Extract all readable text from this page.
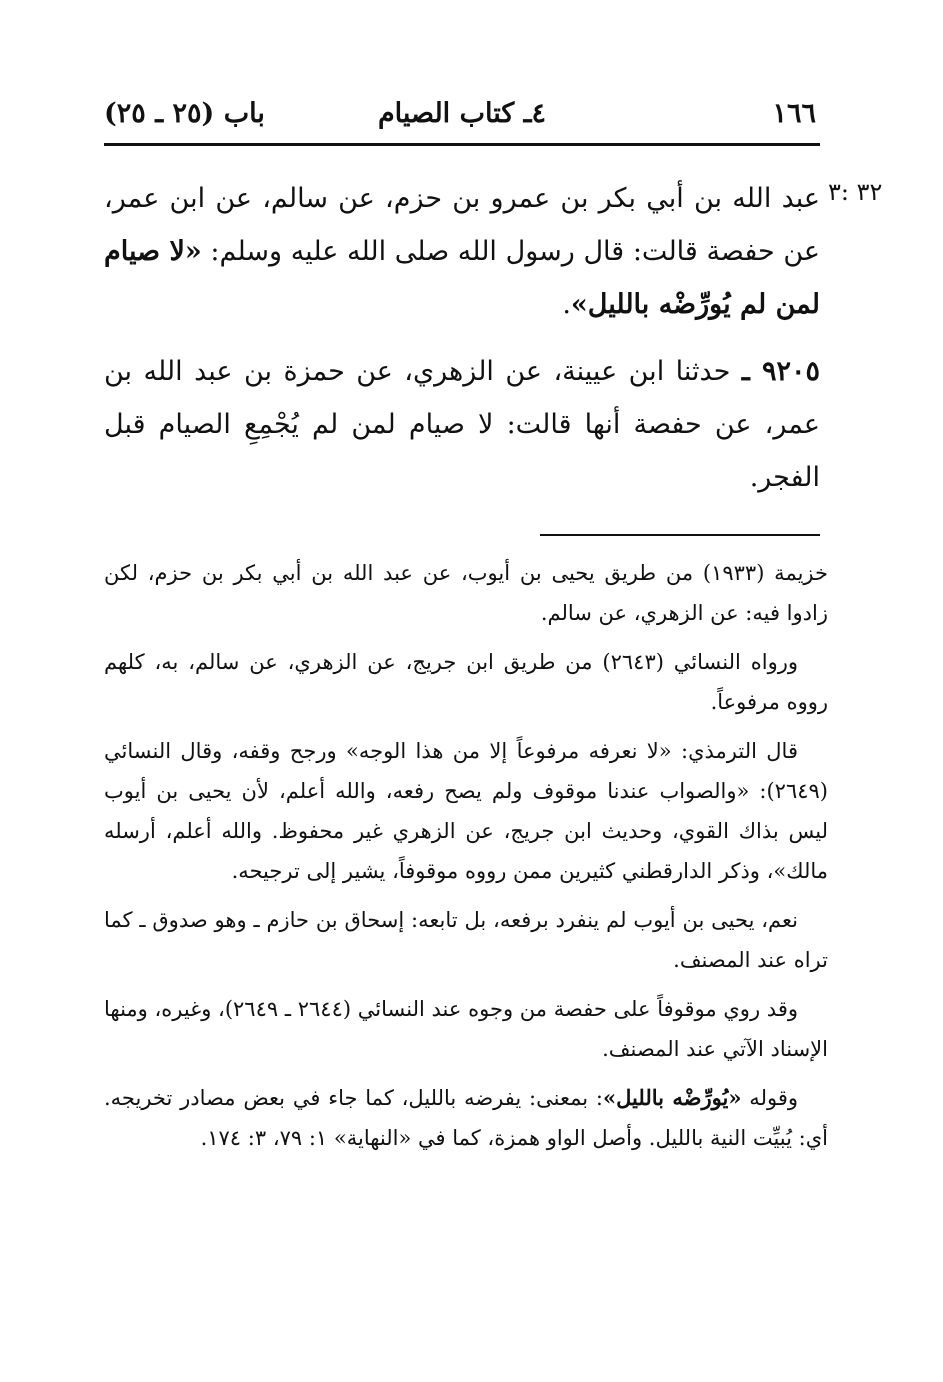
١٦٦
٤ـ كتاب الصيام
باب (٢٥ ـ ٢٥)
٣٢ :٣
عبد الله بن أبي بكر بن عمرو بن حزم، عن سالم، عن ابن عمر، عن حفصة قالت: قال رسول الله صلى الله عليه وسلم: «لا صيام لمن لم يُورِّضْه بالليل».
٩٢٠٥ ـ حدثنا ابن عيينة، عن الزهري، عن حمزة بن عبد الله بن عمر، عن حفصة أنها قالت: لا صيام لمن لم يُجْمِعِ الصيام قبل الفجر.

خزيمة (١٩٣٣) من طريق يحيى بن أيوب، عن عبد الله بن أبي بكر بن حزم، لكن زادوا فيه: عن الزهري، عن سالم.

ورواه النسائي (٢٦٤٣) من طريق ابن جريج، عن الزهري، عن سالم، به، كلهم رووه مرفوعاً.

قال الترمذي: «لا نعرفه مرفوعاً إلا من هذا الوجه» ورجح وقفه، وقال النسائي (٢٦٤٩): «والصواب عندنا موقوف ولم يصح رفعه، والله أعلم، لأن يحيى بن أيوب ليس بذاك القوي، وحديث ابن جريج، عن الزهري غير محفوظ. والله أعلم، أرسله مالك»، وذكر الدارقطني كثيرين ممن رووه موقوفاً، يشير إلى ترجيحه.

نعم، يحيى بن أيوب لم ينفرد برفعه، بل تابعه: إسحاق بن حازم ـ وهو صدوق ـ كما تراه عند المصنف.

وقد روي موقوفاً على حفصة من وجوه عند النسائي (٢٦٤٤ ـ ٢٦٤٩)، وغيره، ومنها الإسناد الآتي عند المصنف.

وقوله «يُورِّضْه بالليل»: بمعنى: يفرضه بالليل، كما جاء في بعض مصادر تخريجه. أي: يُبيِّت النية بالليل. وأصل الواو همزة، كما في «النهاية» ١: ٧٩، ٣: ١٧٤.
